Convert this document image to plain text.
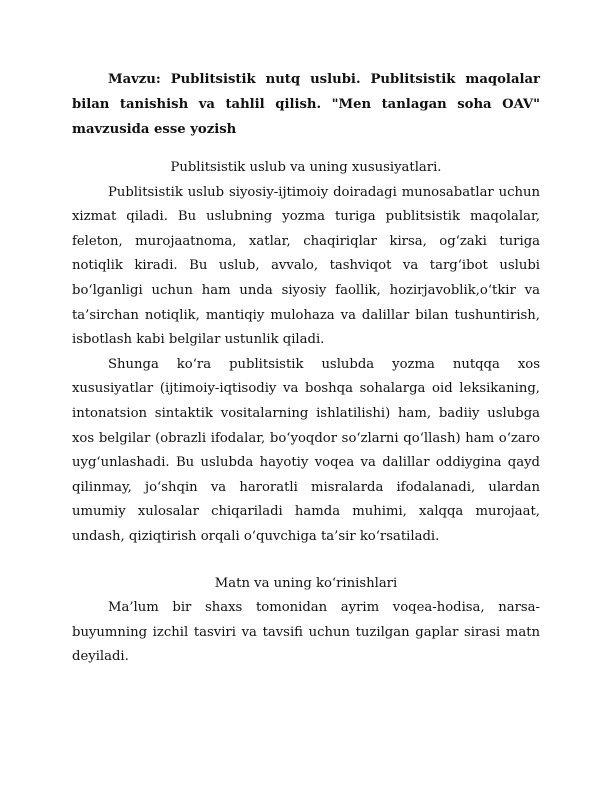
Mavzu: Publitsistik nutq uslubi. Publitsistik maqolalar bilan tanishish va tahlil qilish. "Men tanlagan soha OAV" mavzusida esse yozish

Publitsistik uslub va uning xususiyatlari.

Publitsistik uslub siyosiy-ijtimoiy doiradagi munosabatlar uchun xizmat qiladi. Bu uslubning yozma turiga publitsistik maqolalar, feleton, murojaatnoma, xatlar, chaqiriqlar kirsa, og‘zaki turiga notiqlik kiradi. Bu uslub, avvalo, tashviqot va targ‘ibot uslubi bo‘lganligi uchun ham unda siyosiy faollik, hozirjavoblik,o‘tkir va ta’sirchan notiqlik, mantiqiy mulohaza va dalillar bilan tushuntirish, isbotlash kabi belgilar ustunlik qiladi.

Shunga ko‘ra publitsistik uslubda yozma nutqqa xos xususiyatlar (ijtimoiy-iqtisodiy va boshqa sohalarga oid leksikaning, intonatsion sintaktik vositalarning ishlatilishi) ham, badiiy uslubga xos belgilar (obrazli ifodalar, bo‘yoqdor so‘zlarni qo‘llash) ham o‘zaro uyg‘unlashadi. Bu uslubda hayotiy voqea va dalillar oddiygina qayd qilinmay, jo‘shqin va haroratli misralarda ifodalanadi, ulardan umumiy xulosalar chiqariladi hamda muhimi, xalqqa murojaat, undash, qiziqtirish orqali o‘quvchiga ta’sir ko‘rsatiladi.

Matn va uning ko‘rinishlari

Ma’lum bir shaxs tomonidan ayrim voqea-hodisa, narsa-buyumning izchil tasviri va tavsifi uchun tuzilgan gaplar sirasi matn deyiladi.
